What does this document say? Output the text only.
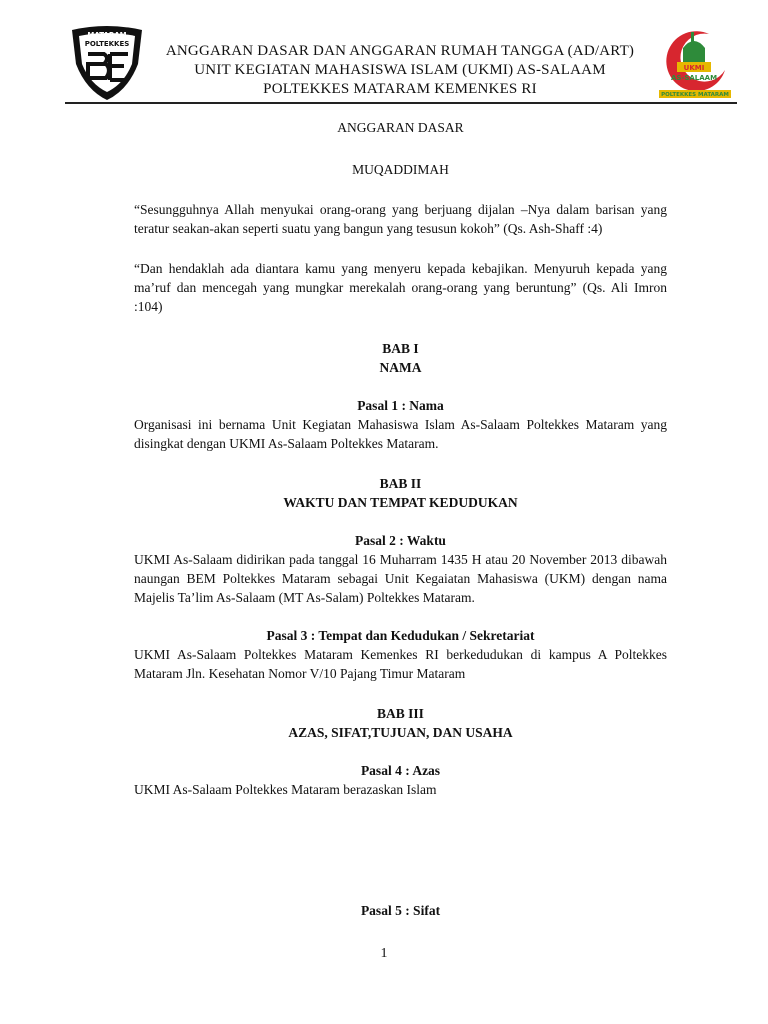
MATARAM
POLTEKKES	ANGGARAN DASAR DAN ANGGARAN RUMAH TANGGA (AD/ART)
UNIT KEGIATAN MAHASISWA ISLAM (UKMI) AS-SALAAM
POLTEKKES MATARAM KEMENKES RI
UKMI
AS-SALAAM
POLTEKKES MATARAM

ANGGARAN DASAR

MUQADDIMAH

“Sesungguhnya Allah menyukai orang-orang yang berjuang dijalan –Nya dalam barisan yang teratur seakan-akan seperti suatu yang bangun yang tesusun kokoh” (Qs. Ash-Shaff :4)

“Dan hendaklah ada diantara kamu yang menyeru kepada kebajikan. Menyuruh kepada yang ma’ruf dan mencegah yang mungkar merekalah orang-orang yang beruntung” (Qs. Ali Imron :104)

BAB I

NAMA

Pasal 1 : Nama

Organisasi ini bernama Unit Kegiatan Mahasiswa Islam As-Salaam Poltekkes Mataram yang disingkat dengan UKMI As-Salaam Poltekkes Mataram.

BAB II

WAKTU DAN TEMPAT KEDUDUKAN

Pasal 2 : Waktu

UKMI As-Salaam didirikan pada tanggal 16 Muharram 1435 H atau 20 November 2013 dibawah naungan BEM Poltekkes Mataram sebagai Unit Kegaiatan Mahasiswa (UKM) dengan nama Majelis Ta’lim As-Salaam (MT As-Salam) Poltekkes Mataram.

Pasal 3 : Tempat dan Kedudukan / Sekretariat

UKMI As-Salaam Poltekkes Mataram Kemenkes RI berkedudukan di kampus A Poltekkes Mataram Jln. Kesehatan Nomor V/10 Pajang Timur Mataram

BAB III

AZAS, SIFAT,TUJUAN, DAN USAHA

Pasal 4 : Azas

UKMI As-Salaam Poltekkes Mataram berazaskan Islam

Pasal 5 : Sifat

1
